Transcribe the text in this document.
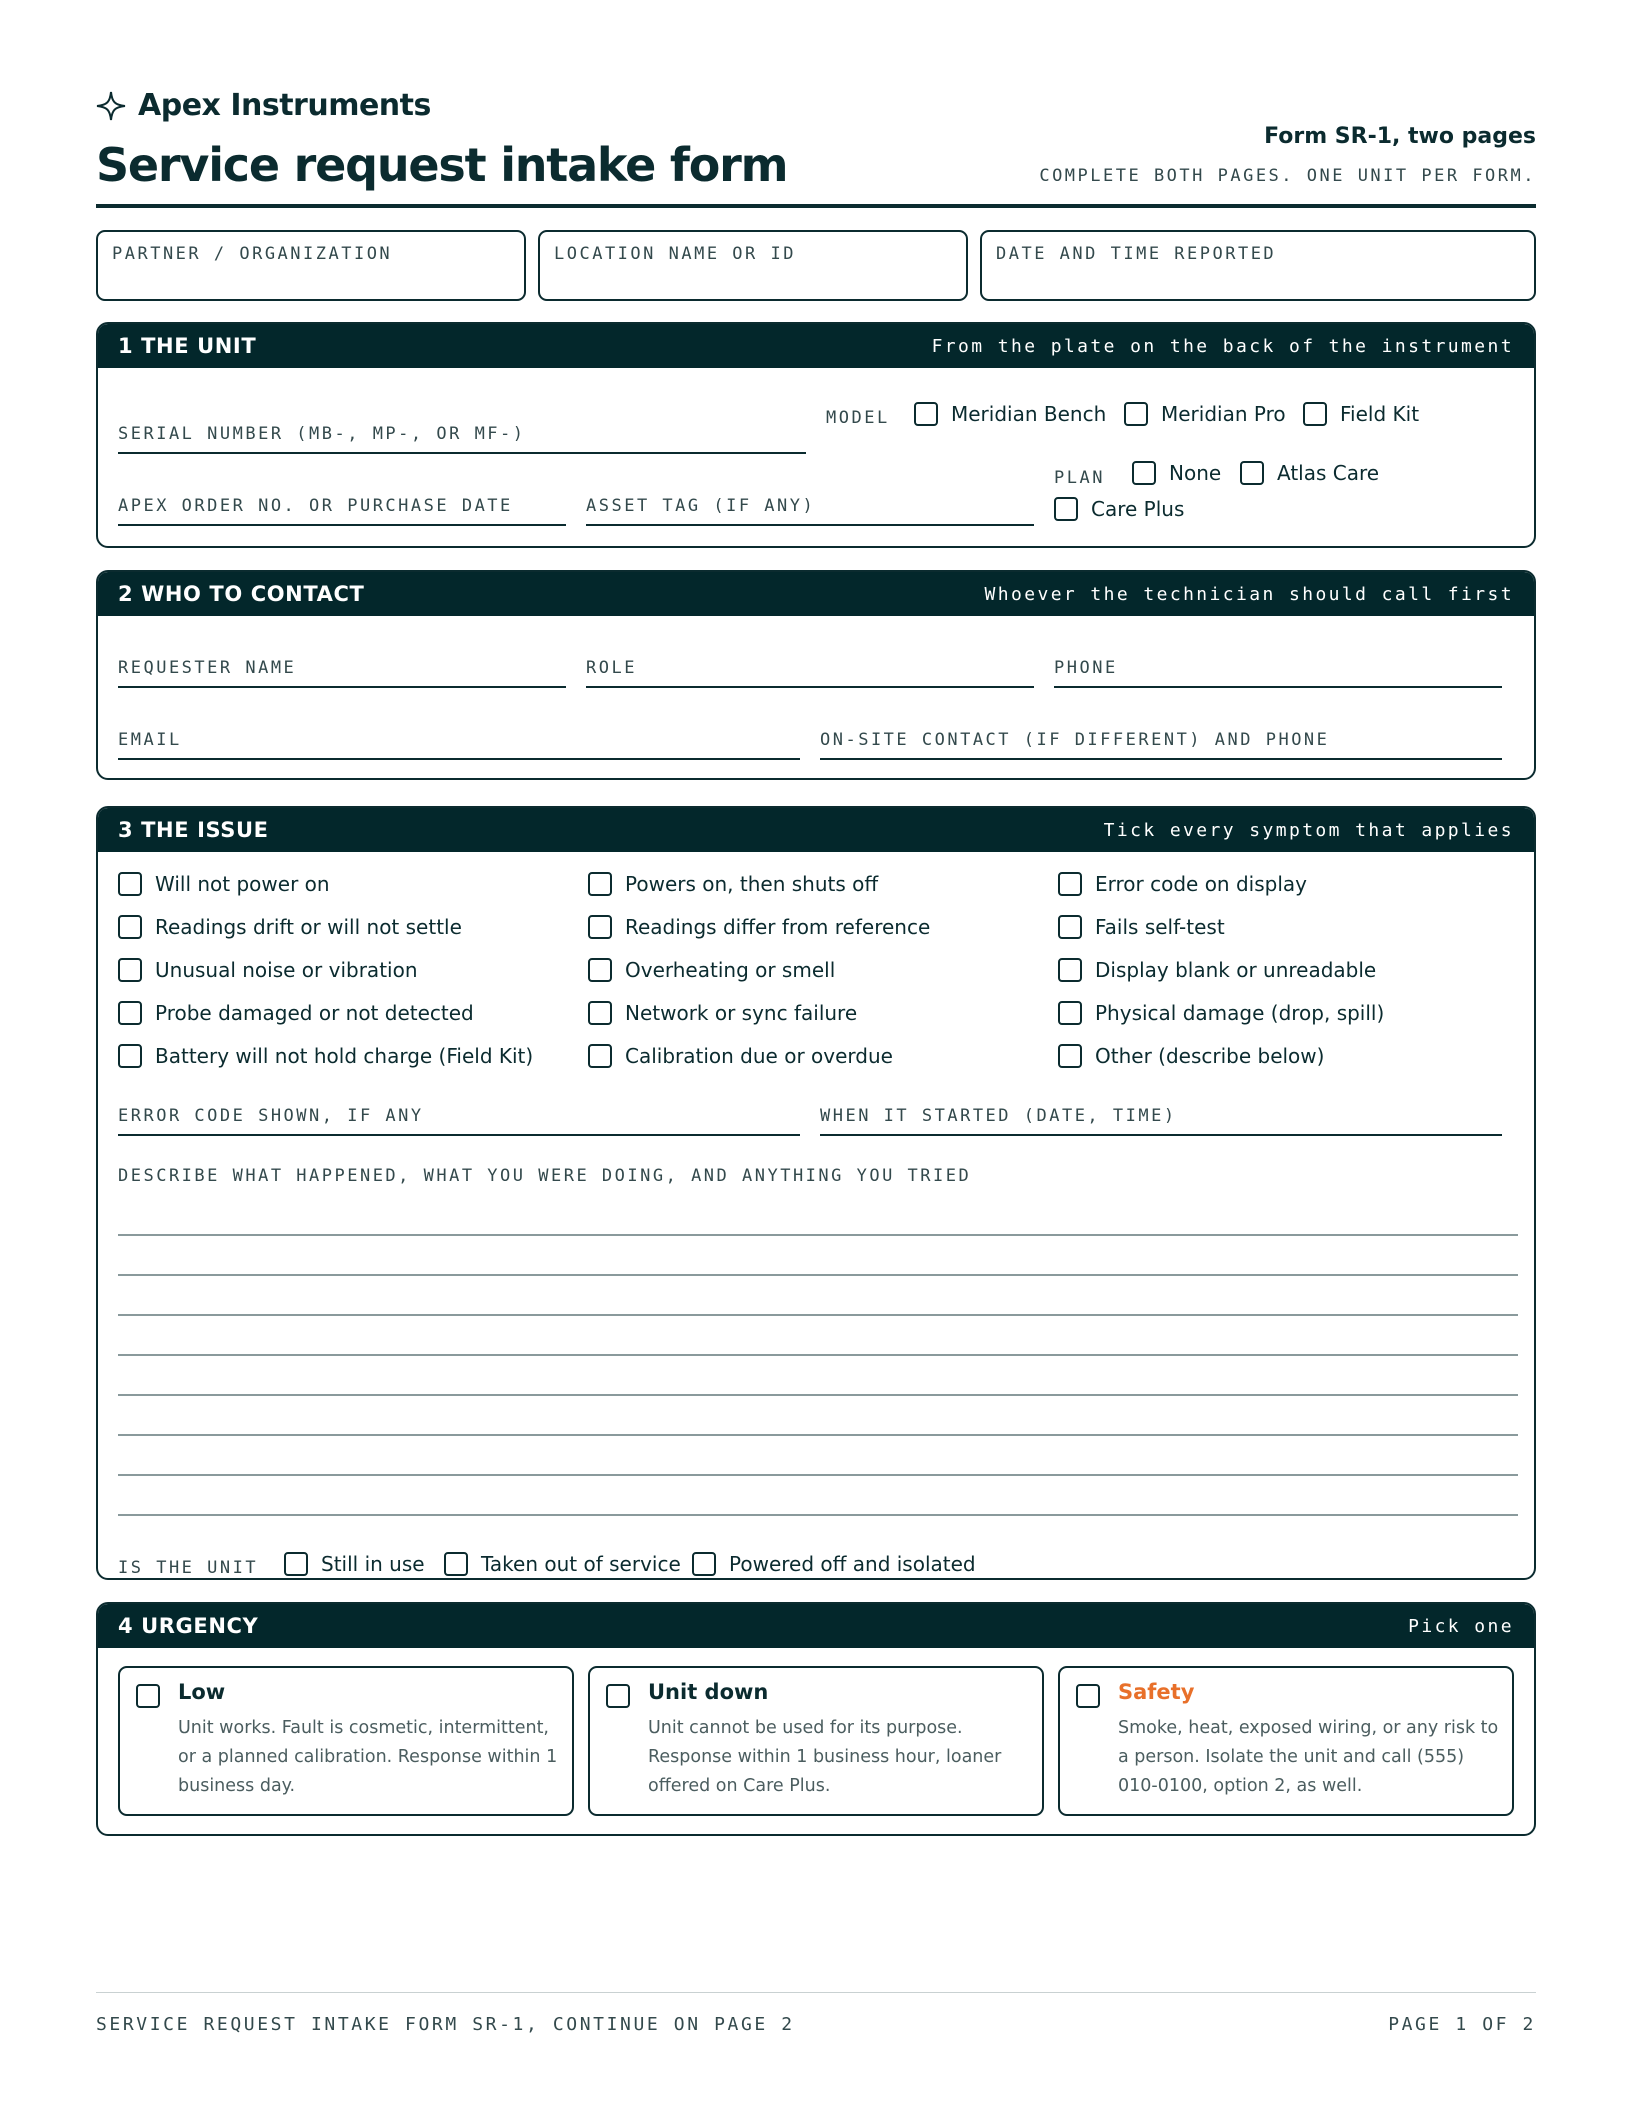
Apex Instruments
Service request intake form
Form SR-1, two pages
COMPLETE BOTH PAGES. ONE UNIT PER FORM.
PARTNER / ORGANIZATION	LOCATION NAME OR ID	DATE AND TIME REPORTED
1 THE UNIT	From the plate on the back of the instrument
SERIAL NUMBER (MB-, MP-, OR MF-)
MODEL	Meridian Bench	Meridian Pro	Field Kit
APEX ORDER NO. OR PURCHASE DATE	ASSET TAG (IF ANY)
PLAN	None	Atlas Care
Care Plus
2 WHO TO CONTACT	Whoever the technician should call first
REQUESTER NAME	ROLE	PHONE
EMAIL	ON-SITE CONTACT (IF DIFFERENT) AND PHONE
3 THE ISSUE	Tick every symptom that applies
Will not power on	Powers on, then shuts off	Error code on display
Readings drift or will not settle	Readings differ from reference	Fails self-test
Unusual noise or vibration	Overheating or smell	Display blank or unreadable
Probe damaged or not detected	Network or sync failure	Physical damage (drop, spill)
Battery will not hold charge (Field Kit)	Calibration due or overdue	Other (describe below)
ERROR CODE SHOWN, IF ANY	WHEN IT STARTED (DATE, TIME)
DESCRIBE WHAT HAPPENED, WHAT YOU WERE DOING, AND ANYTHING YOU TRIED
IS THE UNIT	Still in use	Taken out of service Powered off and isolated
4 URGENCY	Pick one
Low
Unit works. Fault is cosmetic, intermittent, or a planned calibration. Response within 1 business day.
Unit down
Unit cannot be used for its purpose. Response within 1 business hour, loaner offered on Care Plus.
Safety
Smoke, heat, exposed wiring, or any risk to a person. Isolate the unit and call (555) 010-0100, option 2, as well.
SERVICE REQUEST INTAKE FORM SR-1, CONTINUE ON PAGE 2	PAGE 1 OF 2
